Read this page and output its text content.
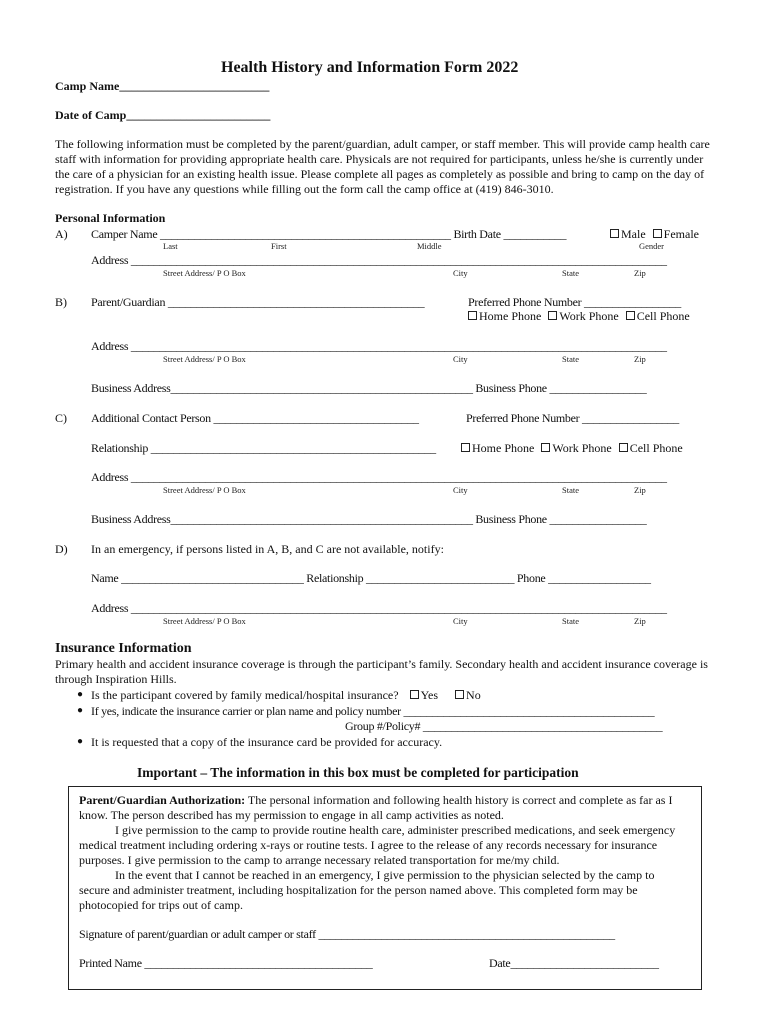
Health History and Information Form 2022
Camp Name_________________________
Date of Camp________________________
The following information must be completed by the parent/guardian, adult camper, or staff member. This will provide camp health care staff with information for providing appropriate health care. Physicals are not required for participants, unless he/she is currently under the care of a physician for an existing health issue. Please complete all pages as completely as possible and bring to camp on the day of registration. If you have any questions while filling out the form call the camp office at (419) 846-3010.
Personal Information
A) Camper Name ___________________________________________________ Birth Date ___________	Male Female
Last	First	Middle	Gender
Address ______________________________________________________________________________________________
Street Address/ P O Box	City	State	Zip
B) Parent/Guardian _____________________________________________	Preferred Phone Number _________________
Home Phone Work Phone Cell Phone
Address ______________________________________________________________________________________________
Street Address/ P O Box	City	State	Zip
Business Address_____________________________________________________ Business Phone _________________
C) Additional Contact Person ____________________________________	Preferred Phone Number _________________
Relationship __________________________________________________	Home Phone Work Phone Cell Phone
Address ______________________________________________________________________________________________
Street Address/ P O Box	City	State	Zip
Business Address_____________________________________________________ Business Phone _________________
D) In an emergency, if persons listed in A, B, and C are not available, notify:
Name ________________________________ Relationship __________________________ Phone __________________
Address ______________________________________________________________________________________________
Street Address/ P O Box	City	State	Zip
Insurance Information
Primary health and accident insurance coverage is through the participant’s family. Secondary health and accident insurance coverage is through Inspiration Hills.
● Is the participant covered by family medical/hospital insurance? Yes No
● If yes, indicate the insurance carrier or plan name and policy number ____________________________________________
Group #/Policy# __________________________________________
● It is requested that a copy of the insurance card be provided for accuracy.
Important – The information in this box must be completed for participation
Parent/Guardian Authorization: The personal information and following health history is correct and complete as far as I know. The person described has my permission to engage in all camp activities as noted.
I give permission to the camp to provide routine health care, administer prescribed medications, and seek emergency medical treatment including ordering x-rays or routine tests. I agree to the release of any records necessary for insurance purposes. I give permission to the camp to arrange necessary related transportation for me/my child.
In the event that I cannot be reached in an emergency, I give permission to the physician selected by the camp to secure and administer treatment, including hospitalization for the person named above. This completed form may be photocopied for trips out of camp.
Signature of parent/guardian or adult camper or staff ____________________________________________________
Printed Name ________________________________________	Date__________________________
